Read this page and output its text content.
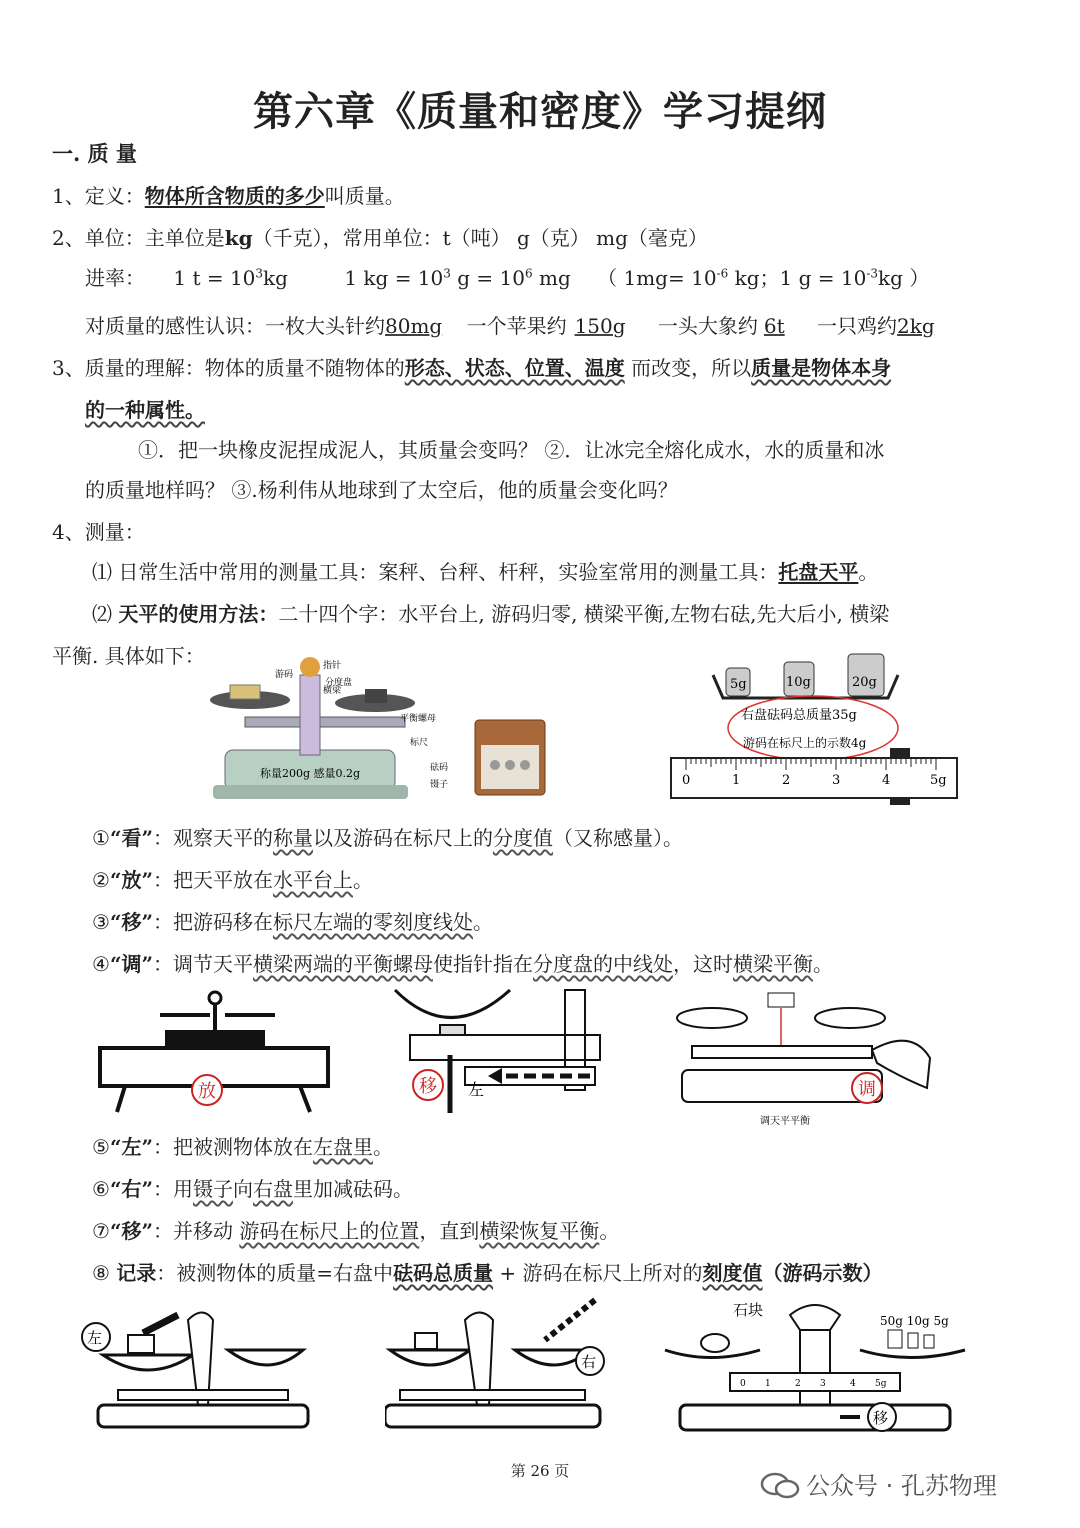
第六章《质量和密度》学习提纲
一. 质 量
1、定义：物体所含物质的多少叫质量。
2、单位：主单位是kg（千克），常用单位：t（吨） g（克） mg（毫克）
进率： 1 $t = 10^3kg$	1 kg = $10^3$ $g = 10^6$ mg （ $1mg= 10^{-6}$ kg；1 $g = 10^{-3}kg$ ）
对质量的感性认识：一枚大头针约80mg 一个苹果约 150g 一头大象约 6t 一只鸡约2kg
3、质量的理解：物体的质量不随物体的形态、状态、位置、温度 而改变，所以质量是物体本身
的一种属性。
①．把一块橡皮泥捏成泥人，其质量会变吗？ ②．让冰完全熔化成水，水的质量和冰
的质量地样吗？ ③.杨利伟从地球到了太空后，他的质量会变化吗？
4、测量：
⑴ 日常生活中常用的测量工具：案秤、台秤、杆秤，实验室常用的测量工具：托盘天平。
⑵ 天平的使用方法：二十四个字：水平台上, 游码归零, 横梁平衡,左物右砝,先大后小, 横梁
平衡. 具体如下：
分度盘
游码
指针
横梁
平衡螺母
标尺
砝码
镊子
称量200g 感量0.2g
5g	10g	20g
右盘砝码总质量35g
游码在标尺上的示数4g
0	1	2	3	4	5g
①“看”：观察天平的称量以及游码在标尺上的分度值（又称感量）。
②“放”：把天平放在水平台上。
③“移”：把游码移在标尺左端的零刻度线处。
④“调”：调节天平横梁两端的平衡螺母使指针指在分度盘的中线处，这时横梁平衡。
放	移 左	调
调天平平衡
⑤“左”：把被测物体放在左盘里。
⑥“右”：用镊子向右盘里加减砝码。
⑦“移”：并移动 游码在标尺上的位置，直到横梁恢复平衡。
⑧ 记录：被测物体的质量=右盘中砝码总质量 + 游码在标尺上所对的刻度值（游码示数）
左
右
石块
50g 10g 5g
0 1	2 3	4 5g
移
第 26 页
公众号 · 孔苏物理
